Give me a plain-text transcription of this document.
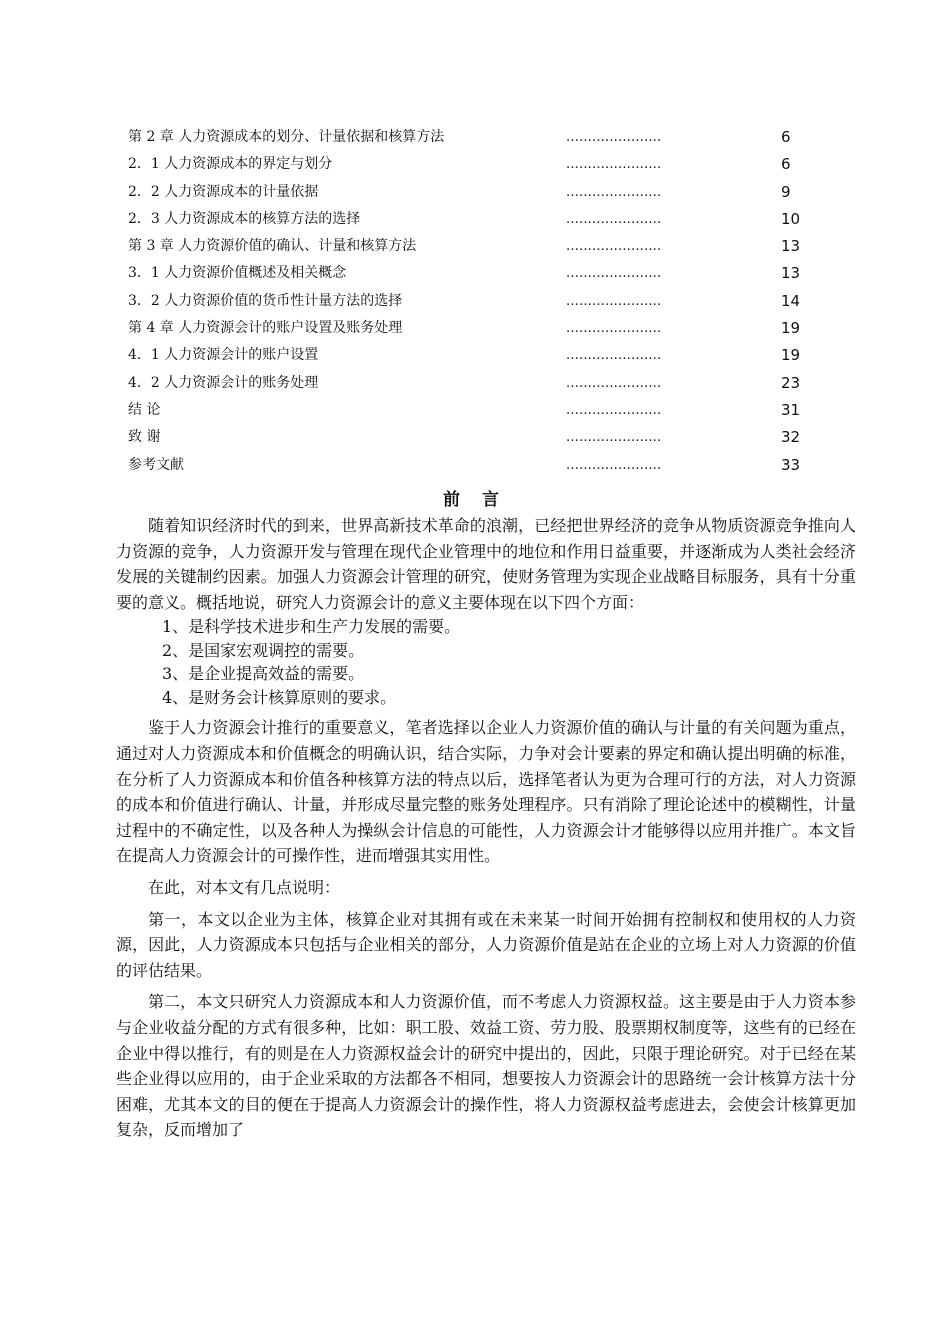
第 2 章 人力资源成本的划分、计量依据和核算方法	......................	6
2．1 人力资源成本的界定与划分	......................	6
2．2 人力资源成本的计量依据	......................	9
2．3 人力资源成本的核算方法的选择	......................	10
第 3 章 人力资源价值的确认、计量和核算方法	......................	13
3．1 人力资源价值概述及相关概念	......................	13
3．2 人力资源价值的货币性计量方法的选择	......................	14
第 4 章 人力资源会计的账户设置及账务处理	......................	19
4．1 人力资源会计的账户设置	......................	19
4．2 人力资源会计的账务处理	......................	23
结 论	......................	31
致 谢	......................	32
参考文献	......................	33
前 言

随着知识经济时代的到来，世界高新技术革命的浪潮，已经把世界经济的竞争从物质资源竞争推向人力资源的竞争，人力资源开发与管理在现代企业管理中的地位和作用日益重要，并逐渐成为人类社会经济发展的关键制约因素。加强人力资源会计管理的研究，使财务管理为实现企业战略目标服务，具有十分重要的意义。概括地说，研究人力资源会计的意义主要体现在以下四个方面：

1、是科学技术进步和生产力发展的需要。

2、是国家宏观调控的需要。

3、是企业提高效益的需要。

4、是财务会计核算原则的要求。

鉴于人力资源会计推行的重要意义，笔者选择以企业人力资源价值的确认与计量的有关问题为重点，通过对人力资源成本和价值概念的明确认识，结合实际，力争对会计要素的界定和确认提出明确的标准，在分析了人力资源成本和价值各种核算方法的特点以后，选择笔者认为更为合理可行的方法，对人力资源的成本和价值进行确认、计量，并形成尽量完整的账务处理程序。只有消除了理论论述中的模糊性，计量过程中的不确定性，以及各种人为操纵会计信息的可能性，人力资源会计才能够得以应用并推广。本文旨在提高人力资源会计的可操作性，进而增强其实用性。

在此，对本文有几点说明：

第一，本文以企业为主体，核算企业对其拥有或在未来某一时间开始拥有控制权和使用权的人力资源，因此，人力资源成本只包括与企业相关的部分，人力资源价值是站在企业的立场上对人力资源的价值的评估结果。

第二，本文只研究人力资源成本和人力资源价值，而不考虑人力资源权益。这主要是由于人力资本参与企业收益分配的方式有很多种，比如：职工股、效益工资、劳力股、股票期权制度等，这些有的已经在企业中得以推行，有的则是在人力资源权益会计的研究中提出的，因此，只限于理论研究。对于已经在某些企业得以应用的，由于企业采取的方法都各不相同，想要按人力资源会计的思路统一会计核算方法十分困难，尤其本文的目的便在于提高人力资源会计的操作性，将人力资源权益考虑进去，会使会计核算更加复杂，反而增加了
